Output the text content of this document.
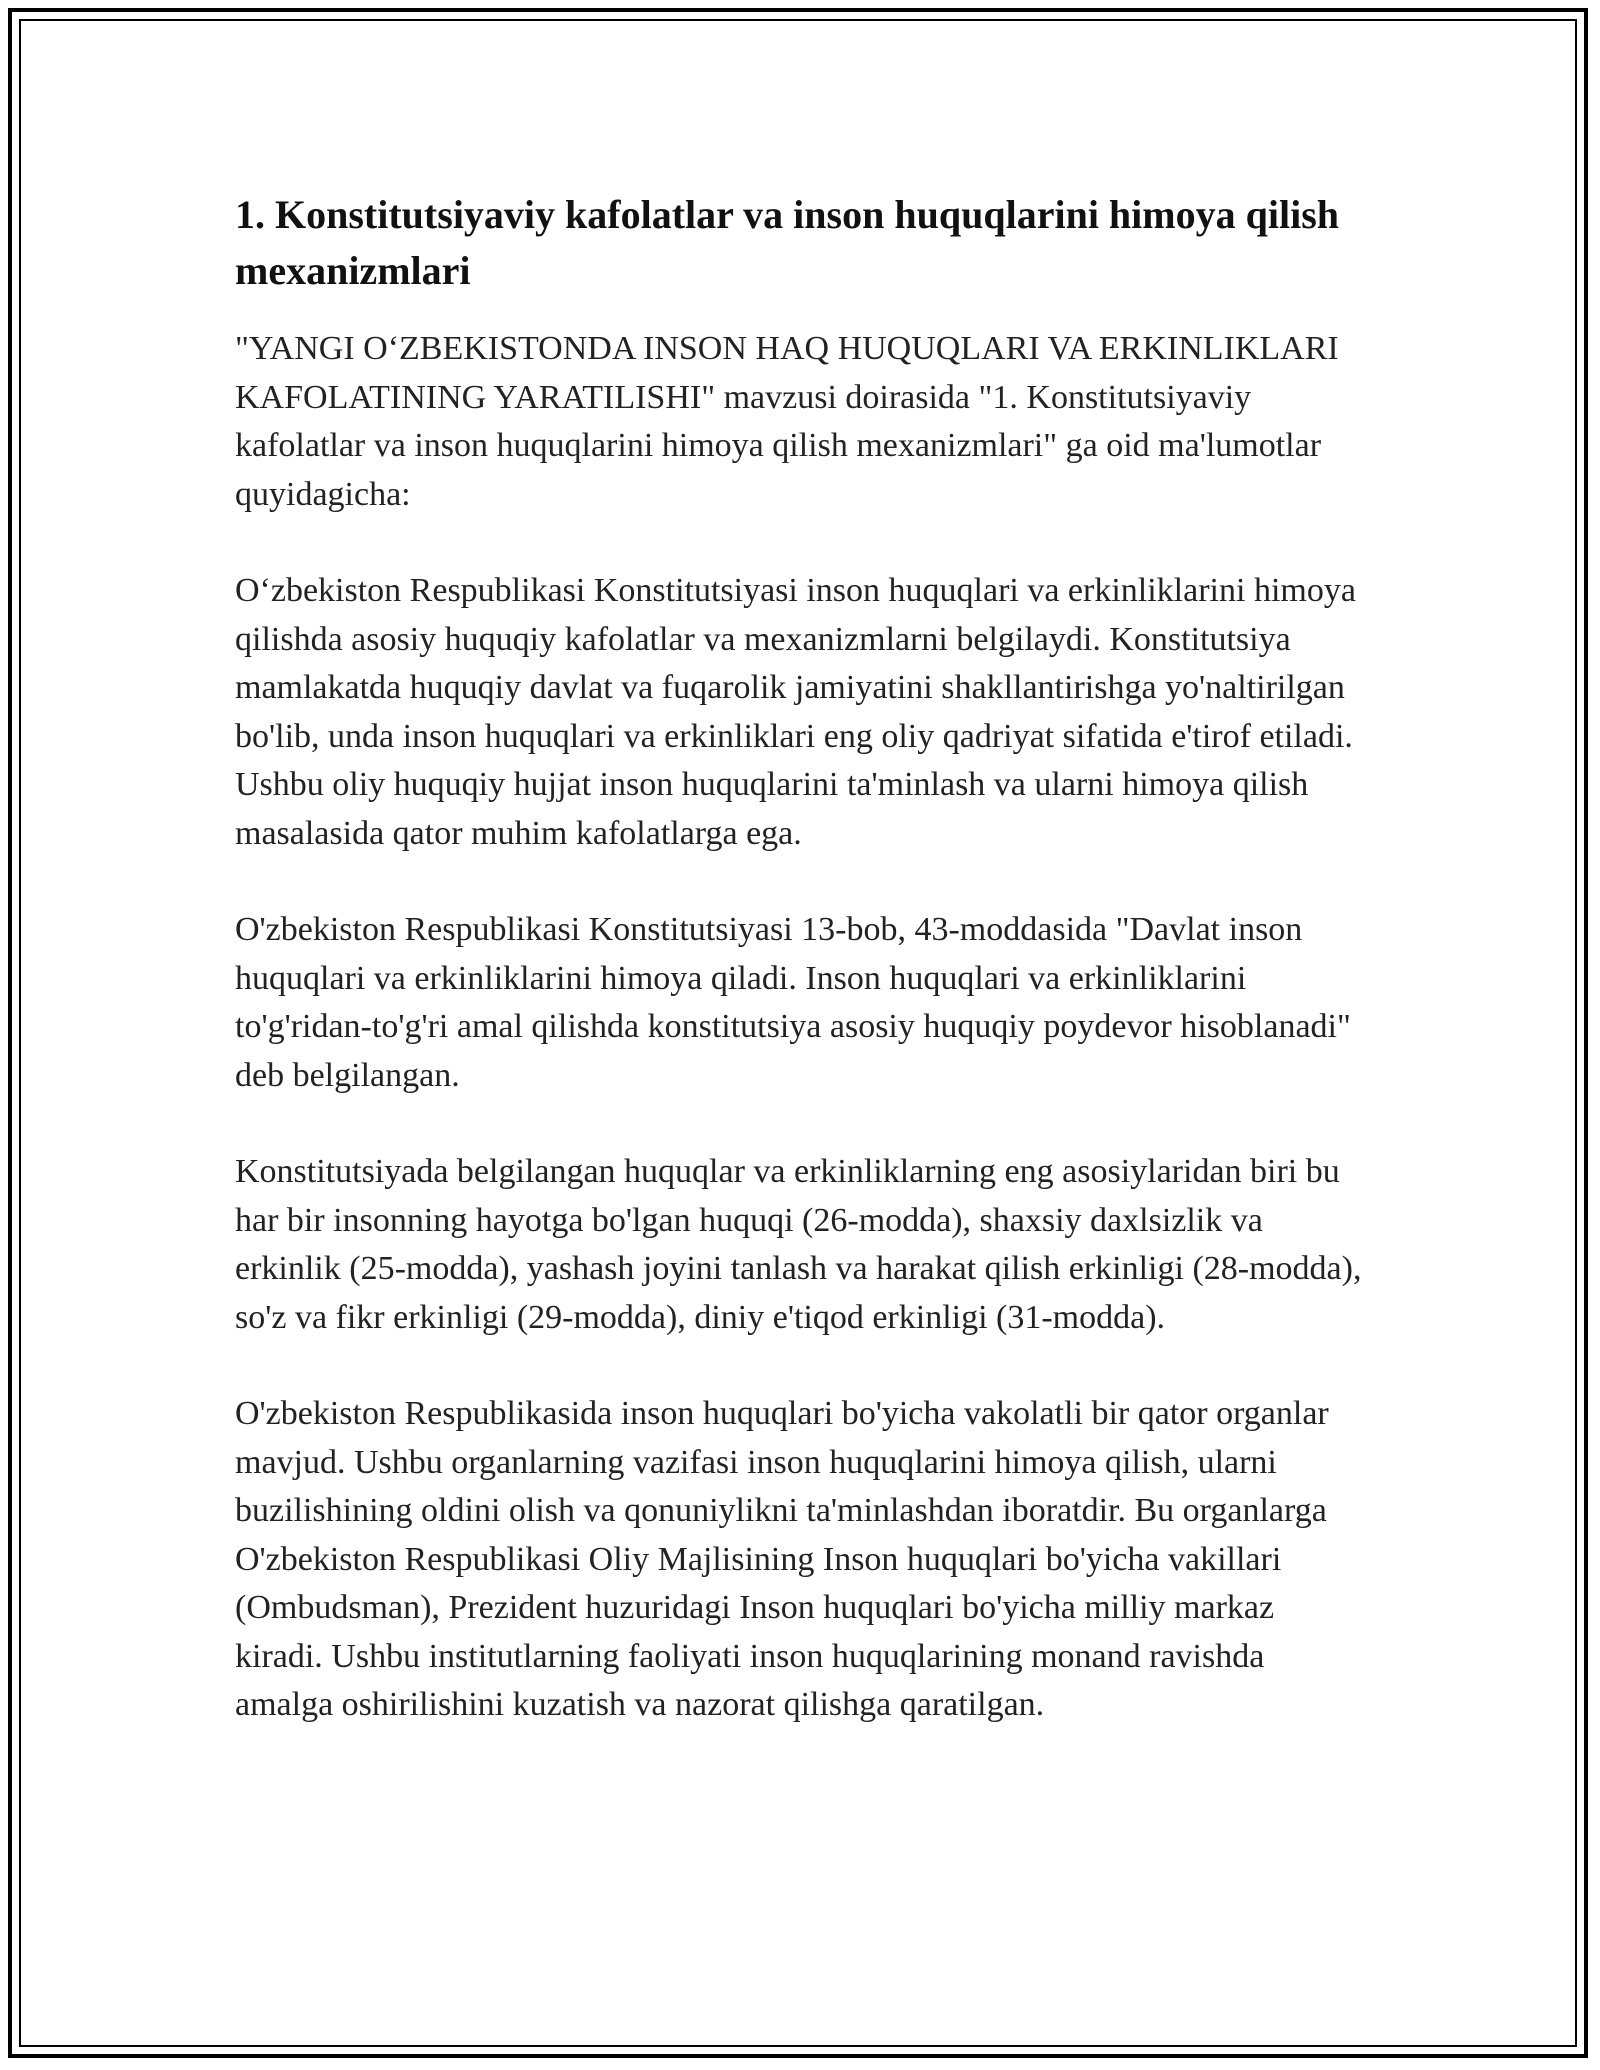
1. Konstitutsiyaviy kafolatlar va inson huquqlarini himoya qilish mexanizmlari

"YANGI O‘ZBEKISTONDA INSON HAQ HUQUQLARI VA ERKINLIKLARI KAFOLATINING YARATILISHI" mavzusi doirasida "1. Konstitutsiyaviy kafolatlar va inson huquqlarini himoya qilish mexanizmlari" ga oid ma'lumotlar quyidagicha:

O‘zbekiston Respublikasi Konstitutsiyasi inson huquqlari va erkinliklarini himoya qilishda asosiy huquqiy kafolatlar va mexanizmlarni belgilaydi. Konstitutsiya mamlakatda huquqiy davlat va fuqarolik jamiyatini shakllantirishga yo'naltirilgan bo'lib, unda inson huquqlari va erkinliklari eng oliy qadriyat sifatida e'tirof etiladi. Ushbu oliy huquqiy hujjat inson huquqlarini ta'minlash va ularni himoya qilish masalasida qator muhim kafolatlarga ega.

O'zbekiston Respublikasi Konstitutsiyasi 13-bob, 43-moddasida "Davlat inson huquqlari va erkinliklarini himoya qiladi. Inson huquqlari va erkinliklarini to'g'ridan-to'g'ri amal qilishda konstitutsiya asosiy huquqiy poydevor hisoblanadi" deb belgilangan.

Konstitutsiyada belgilangan huquqlar va erkinliklarning eng asosiylaridan biri bu har bir insonning hayotga bo'lgan huquqi (26-modda), shaxsiy daxlsizlik va erkinlik (25-modda), yashash joyini tanlash va harakat qilish erkinligi (28-modda), so'z va fikr erkinligi (29-modda), diniy e'tiqod erkinligi (31-modda).

O'zbekiston Respublikasida inson huquqlari bo'yicha vakolatli bir qator organlar mavjud. Ushbu organlarning vazifasi inson huquqlarini himoya qilish, ularni buzilishining oldini olish va qonuniylikni ta'minlashdan iboratdir. Bu organlarga O'zbekiston Respublikasi Oliy Majlisining Inson huquqlari bo'yicha vakillari (Ombudsman), Prezident huzuridagi Inson huquqlari bo'yicha milliy markaz kiradi. Ushbu institutlarning faoliyati inson huquqlarining monand ravishda amalga oshirilishini kuzatish va nazorat qilishga qaratilgan.
